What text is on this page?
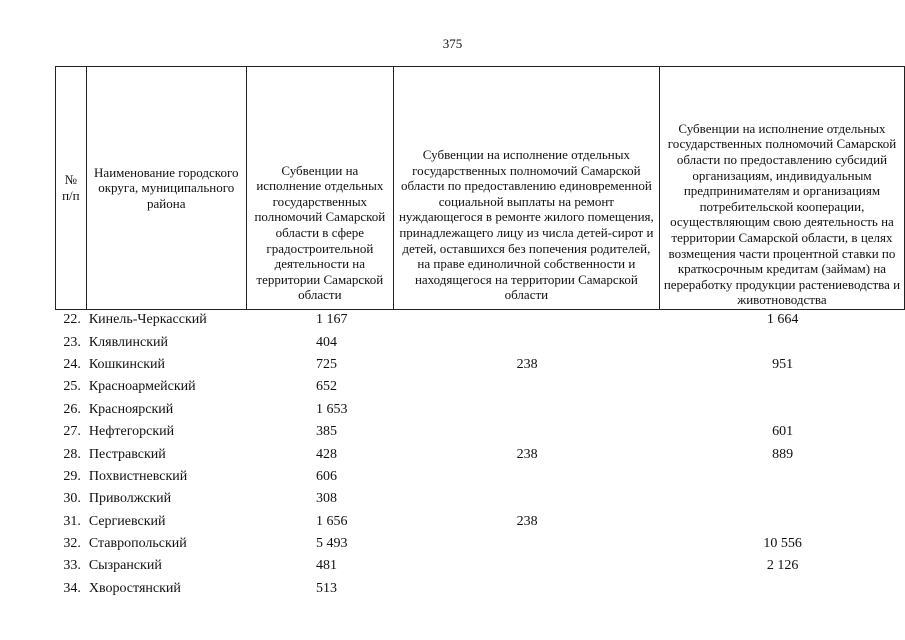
375
№ п/п	Наименование городского округа, муниципального района	Субвенции на исполнение отдельных государственных полномочий Самарской области в сфере градостроительной деятельности на территории Самарской области	Субвенции на исполнение отдельных государственных полномочий Самарской области по предоставлению единовременной социальной выплаты на ремонт нуждающегося в ремонте жилого помещения, принадлежащего лицу из числа детей-сирот и детей, оставшихся без попечения родителей, на праве единоличной собственности и находящегося на территории Самарской области	Субвенции на исполнение отдельных государственных полномочий Самарской области по предоставлению субсидий организациям, индивидуальным предпринимателям и организациям потребительской кооперации, осуществляющим свою деятельность на территории Самарской области, в целях возмещения части процентной ставки по краткосрочным кредитам (займам) на переработку продукции растениеводства и животноводства
22.	Кинель-Черкасский	1 167		1 664
23.	Клявлинский	404		
24.	Кошкинский	725	238	951
25.	Красноармейский	652		
26.	Красноярский	1 653		
27.	Нефтегорский	385		601
28.	Пестравский	428	238	889
29.	Похвистневский	606		
30.	Приволжский	308		
31.	Сергиевский	1 656	238	
32.	Ставропольский	5 493		10 556
33.	Сызранский	481		2 126
34.	Хворостянский	513		
